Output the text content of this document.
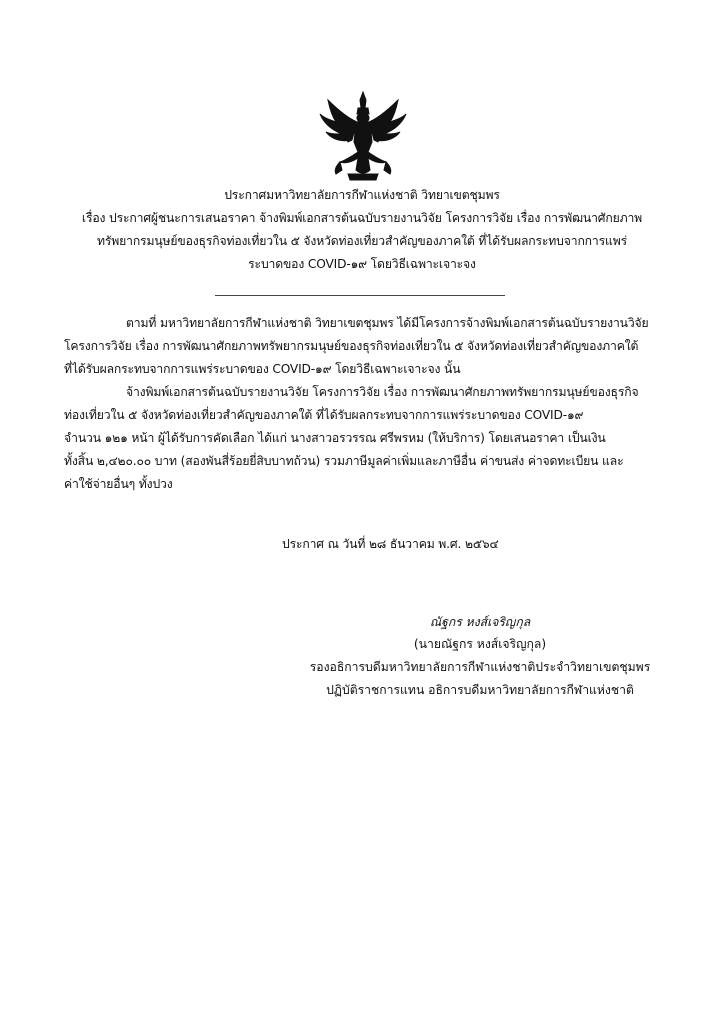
ประกาศมหาวิทยาลัยการกีฬาแห่งชาติ วิทยาเขตชุมพร
เรื่อง ประกาศผู้ชนะการเสนอราคา จ้างพิมพ์เอกสารต้นฉบับรายงานวิจัย โครงการวิจัย เรื่อง การพัฒนาศักยภาพ
ทรัพยากรมนุษย์ของธุรกิจท่องเที่ยวใน ๕ จังหวัดท่องเที่ยวสำคัญของภาคใต้ ที่ได้รับผลกระทบจากการแพร่
ระบาดของ COVID-๑๙ โดยวิธีเฉพาะเจาะจง
ตามที่ มหาวิทยาลัยการกีฬาแห่งชาติ วิทยาเขตชุมพร ได้มีโครงการจ้างพิมพ์เอกสารต้นฉบับรายงานวิจัย
โครงการวิจัย เรื่อง การพัฒนาศักยภาพทรัพยากรมนุษย์ของธุรกิจท่องเที่ยวใน ๕ จังหวัดท่องเที่ยวสำคัญของภาคใต้
ที่ได้รับผลกระทบจากการแพร่ระบาดของ COVID-๑๙ โดยวิธีเฉพาะเจาะจง นั้น
จ้างพิมพ์เอกสารต้นฉบับรายงานวิจัย โครงการวิจัย เรื่อง การพัฒนาศักยภาพทรัพยากรมนุษย์ของธุรกิจ
ท่องเที่ยวใน ๕ จังหวัดท่องเที่ยวสำคัญของภาคใต้ ที่ได้รับผลกระทบจากการแพร่ระบาดของ COVID-๑๙
จำนวน ๑๒๑ หน้า ผู้ได้รับการคัดเลือก ได้แก่ นางสาวอรวรรณ ศรีพรหม (ให้บริการ) โดยเสนอราคา เป็นเงิน
ทั้งสิ้น ๒,๔๒๐.๐๐ บาท (สองพันสี่ร้อยยี่สิบบาทถ้วน) รวมภาษีมูลค่าเพิ่มและภาษีอื่น ค่าขนส่ง ค่าจดทะเบียน และ
ค่าใช้จ่ายอื่นๆ ทั้งปวง
ประกาศ ณ วันที่ ๒๘ ธันวาคม พ.ศ. ๒๕๖๔
ณัฐกร หงส์เจริญกุล
(นายณัฐกร หงส์เจริญกุล)
รองอธิการบดีมหาวิทยาลัยการกีฬาแห่งชาติประจำวิทยาเขตชุมพร
ปฏิบัติราชการแทน อธิการบดีมหาวิทยาลัยการกีฬาแห่งชาติ
